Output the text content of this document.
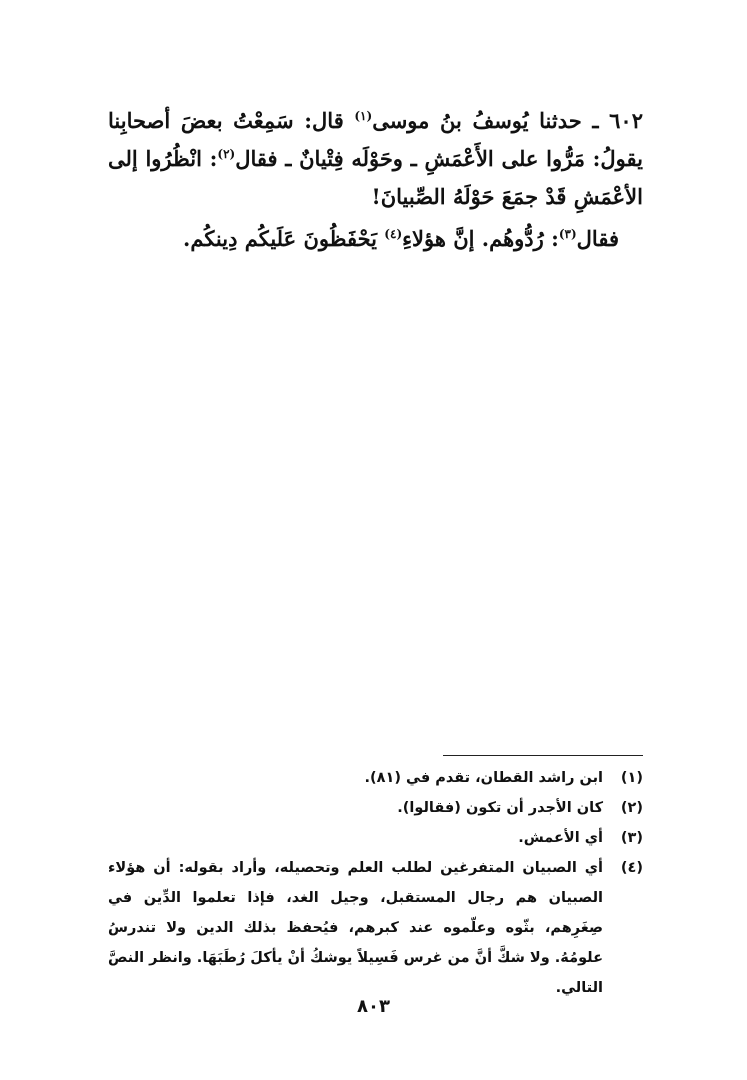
٦٠٢ ـ حدثنا يُوسفُ بنُ موسى$^{(١)}$ قال: سَمِعْتُ بعضَ أصحابِنا يقولُ: مَرُّوا على الأَعْمَشِ ـ وحَوْلَه فِتْيانٌ ـ فقال$^{(٢)}$: انْظُرُوا إلى الأعْمَشِ قَدْ جمَعَ حَوْلَهُ الصِّبيانَ!

فقال$^{(٣)}$: رُدُّوهُم. إنَّ هؤلاءِ$^{(٤)}$ يَحْفَظُونَ عَلَيكُم دِينكُم.

(١)
ابن راشد القطان، تقدم في (٨١).
(٢)
كان الأجدر أن تكون (فقالوا).
(٣)
أي الأعمش.
(٤)
أي الصبيان المتفرغين لطلب العلم وتحصيله، وأراد بقوله: أن هؤلاء الصبيان هم رجال المستقبل، وجيل الغد، فإذا تعلموا الدِّين في صِغَرِهم، بثّوه وعلّموه عند كبرهم، فيُحفظ بذلك الدين ولا تندرسُ علومُهُ. ولا شكَّ أنَّ من غرس فَسِيلاً يوشكُ أنْ يأكلَ رُطَبَهَا. وانظر النصَّ التالي.
٨٠٣
